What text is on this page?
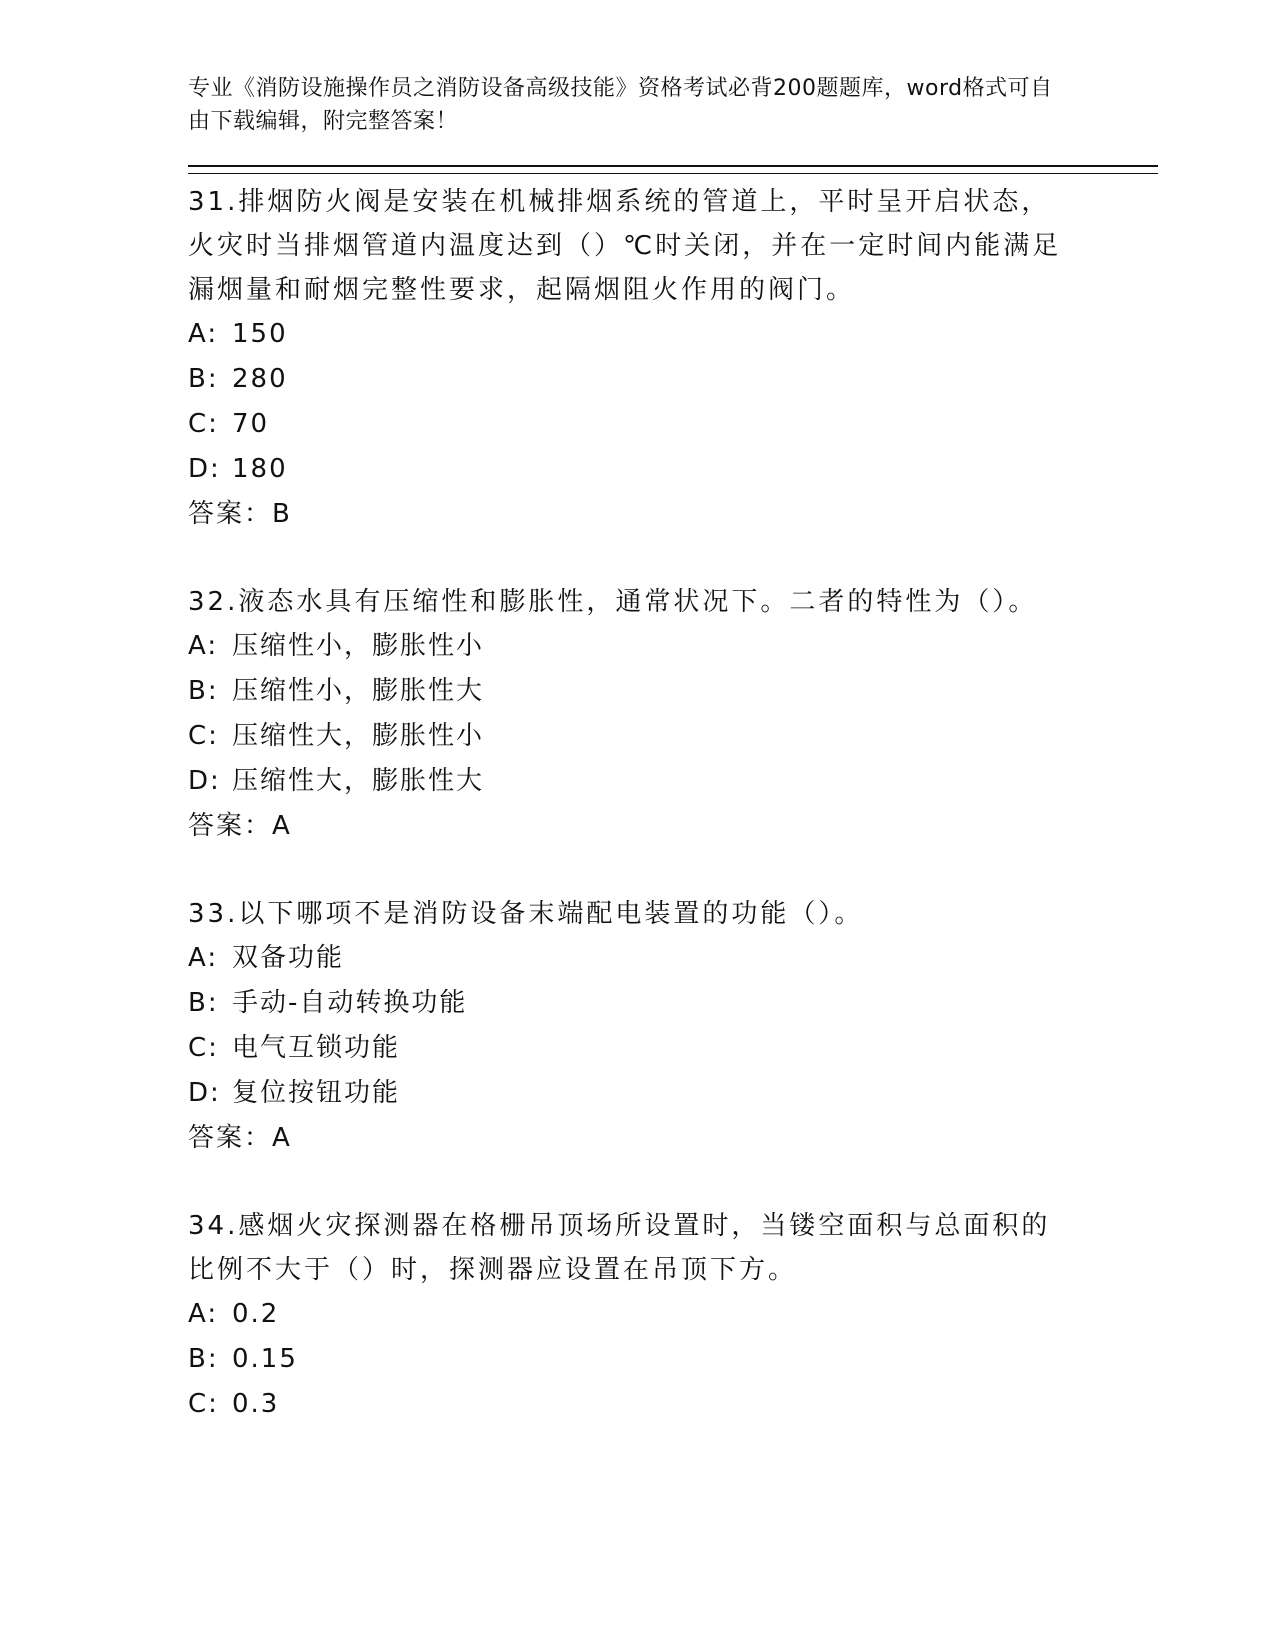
专业《消防设施操作员之消防设备高级技能》资格考试必背200题题库，word格式可自由下载编辑，附完整答案！
31.排烟防火阀是安装在机械排烟系统的管道上，平时呈开启状态，火灾时当排烟管道内温度达到（）℃时关闭，并在一定时间内能满足漏烟量和耐烟完整性要求，起隔烟阻火作用的阀门。
A: 150
B: 280
C: 70
D: 180
答案：B
32.液态水具有压缩性和膨胀性，通常状况下。二者的特性为（）。
A: 压缩性小，膨胀性小
B: 压缩性小，膨胀性大
C: 压缩性大，膨胀性小
D: 压缩性大，膨胀性大
答案：A
33.以下哪项不是消防设备末端配电装置的功能（）。
A: 双备功能
B: 手动-自动转换功能
C: 电气互锁功能
D: 复位按钮功能
答案：A
34.感烟火灾探测器在格栅吊顶场所设置时，当镂空面积与总面积的比例不大于（）时，探测器应设置在吊顶下方。
A: 0.2
B: 0.15
C: 0.3
